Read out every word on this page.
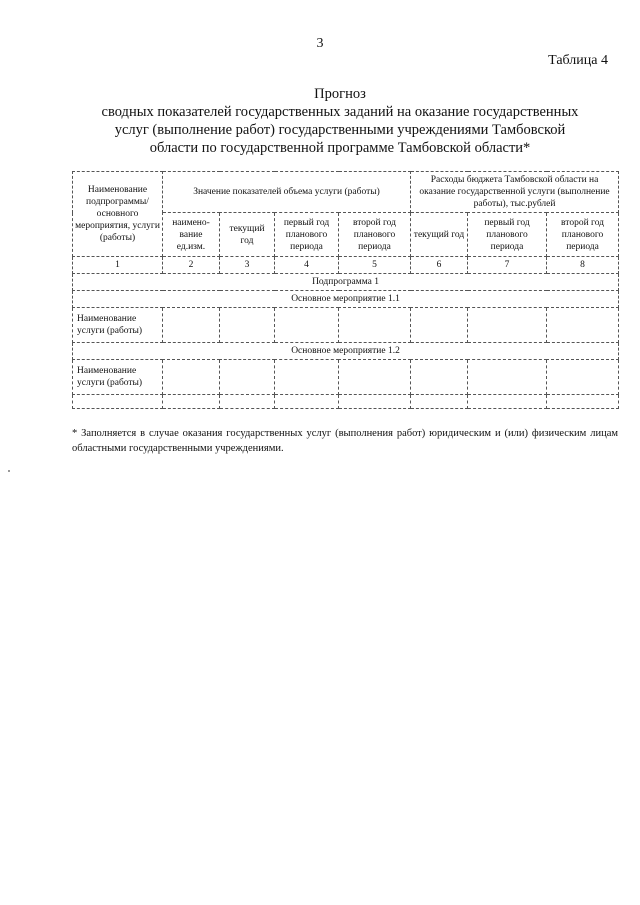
3
Таблица 4
Прогноз
сводных показателей государственных заданий на оказание государственных
услуг (выполнение работ) государственными учреждениями Тамбовской
области по государственной программе Тамбовской области*
Наименование подпрограммы/ основного мероприятия, услуги (работы)	Значение показателей объема услуги (работы)				Расходы бюджета Тамбовской области на оказание государственной услуги (выполнение работы), тыс.рублей		
	наимено-вание ед.изм.	текущий год	первый год планового периода	второй год планового периода	текущий год	первый год планового периода	второй год планового периода
1	2	3	4	5	6	7	8
Подпрограмма 1							
Основное мероприятие 1.1							
Наименование услуги (работы)							
Основное мероприятие 1.2							
Наименование услуги (работы)							

* Заполняется в случае оказания государственных услуг (выполнения работ) юридическим и (или) физическим лицам областными государственными учреждениями.
